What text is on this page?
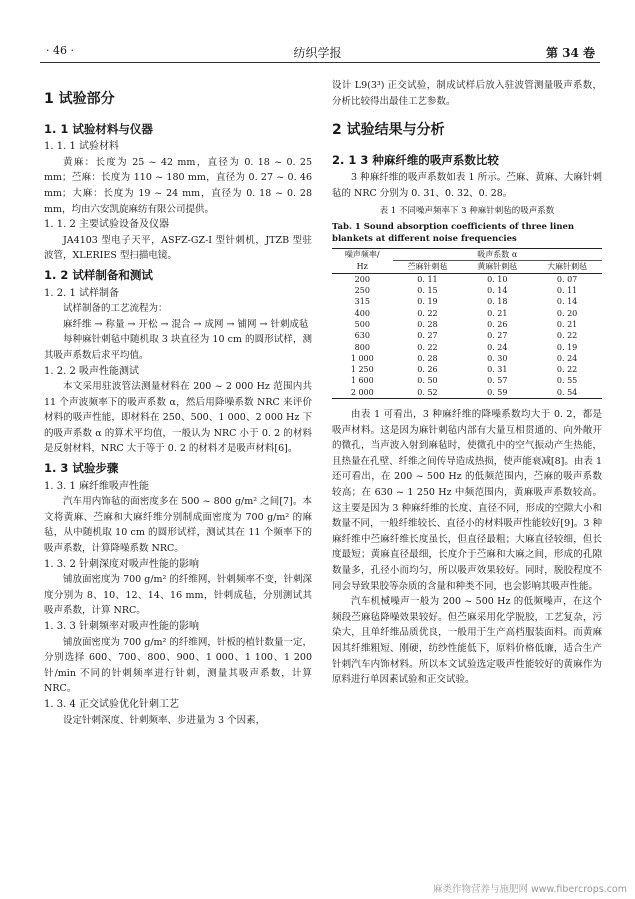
· 46 ·	纺织学报	第 34 卷
1 试验部分
1. 1 试验材料与仪器

1. 1. 1 试验材料

黄麻：长度为 25 ~ 42 mm，直径为 0. 18 ~ 0. 25 mm；苎麻：长度为 110 ~ 180 mm，直径为 0. 27 ~ 0. 46 mm；大麻：长度为 19 ~ 24 mm，直径为 0. 18 ~ 0. 28 mm，均由六安凯旋麻纺有限公司提供。

1. 1. 2 主要试验设备及仪器

JA4103 型电子天平，ASFZ-GZ-I 型针刺机，JTZB 型驻波管，XLERIES 型扫描电镜。

1. 2 试样制备和测试

1. 2. 1 试样制备

试样制备的工艺流程为：

麻纤维 → 称量 → 开松 → 混合 → 成网 → 铺网 → 针刺成毡

每种麻针刺毡中随机取 3 块直径为 10 cm 的圆形试样，测其吸声系数后求平均值。

1. 2. 2 吸声性能测试

本文采用驻波管法测量材料在 200 ~ 2 000 Hz 范围内共 11 个声波频率下的吸声系数 α，然后用降噪系数 NRC 来评价材料的吸声性能，即材料在 250、500、1 000、2 000 Hz 下的吸声系数 α 的算术平均值，一般认为 NRC 小于 0. 2 的材料是反射材料，NRC 大于等于 0. 2 的材料才是吸声材料[6]。

1. 3 试验步骤

1. 3. 1 麻纤维吸声性能

汽车用内饰毡的面密度多在 500 ~ 800 g/m² 之间[7]。本文将黄麻、苎麻和大麻纤维分别制成面密度为 700 g/m² 的麻毡，从中随机取 10 cm 的圆形试样，测试其在 11 个频率下的吸声系数，计算降噪系数 NRC。

1. 3. 2 针刺深度对吸声性能的影响

铺放面密度为 700 g/m² 的纤维网，针刺频率不变，针刺深度分别为 8、10、12、14、16 mm，针刺成毡，分别测试其吸声系数，计算 NRC。

1. 3. 3 针刺频率对吸声性能的影响

铺放面密度为 700 g/m² 的纤维网，针板的植针数量一定，分别选择 600、700、800、900、1 000、1 100、1 200 针/min 不同的针刺频率进行针刺，测量其吸声系数，计算 NRC。

1. 3. 4 正交试验优化针刺工艺

设定针刺深度、针刺频率、步进量为 3 个因素，

设计 L9(3³) 正交试验，制成试样后放入驻波管测量吸声系数，分析比较得出最佳工艺参数。

2 试验结果与分析
2. 1 3 种麻纤维的吸声系数比较

3 种麻纤维的吸声系数如表 1 所示。苎麻、黄麻、大麻针刺毡的 NRC 分别为 0. 31、0. 32、0. 28。

表 1 不同噪声频率下 3 种麻针刺毡的吸声系数
Tab. 1 Sound absorption coefficients of three linen blankets at different noise frequencies
噪声频率/	吸声系数 α		
Hz	苎麻针刺毡	黄麻针刺毡	大麻针刺毡
200	0. 11	0. 10	0. 07
250	0. 15	0. 14	0. 11
315	0. 19	0. 18	0. 14
400	0. 22	0. 21	0. 20
500	0. 28	0. 26	0. 21
630	0. 27	0. 27	0. 22
800	0. 22	0. 24	0. 19
1 000	0. 28	0. 30	0. 24
1 250	0. 26	0. 31	0. 22
1 600	0. 50	0. 57	0. 55
2 000	0. 52	0. 59	0. 54

由表 1 可看出，3 种麻纤维的降噪系数均大于 0. 2，都是吸声材料。这是因为麻针刺毡内部有大量互相贯通的、向外敞开的微孔，当声波入射到麻毡时，使微孔中的空气振动产生热能，且热量在孔壁、纤维之间传导造成热损，使声能衰减[8]。由表 1 还可看出，在 200 ~ 500 Hz 的低频范围内，苎麻的吸声系数较高；在 630 ~ 1 250 Hz 中频范围内，黄麻吸声系数较高。这主要是因为 3 种麻纤维的长度、直径不同，形成的空隙大小和数量不同，一般纤维较长、直径小的材料吸声性能较好[9]。3 种麻纤维中苎麻纤维长度虽长，但直径最粗；大麻直径较细，但长度最短；黄麻直径最细，长度介于苎麻和大麻之间，形成的孔隙数量多，孔径小而均匀，所以吸声效果较好。同时，脱胶程度不同会导致果胶等杂质的含量和种类不同，也会影响其吸声性能。

汽车机械噪声一般为 200 ~ 500 Hz 的低频噪声，在这个频段苎麻毡降噪效果较好。但苎麻采用化学脱胶，工艺复杂，污染大，且单纤维品质优良，一般用于生产高档服装面料。而黄麻因其纤维粗短、刚硬，纺纱性能低下，原料价格低廉，适合生产针刺汽车内饰材料。所以本文试验选定吸声性能较好的黄麻作为原料进行单因素试验和正交试验。

麻类作物营养与施肥网 www.fibercrops.com
